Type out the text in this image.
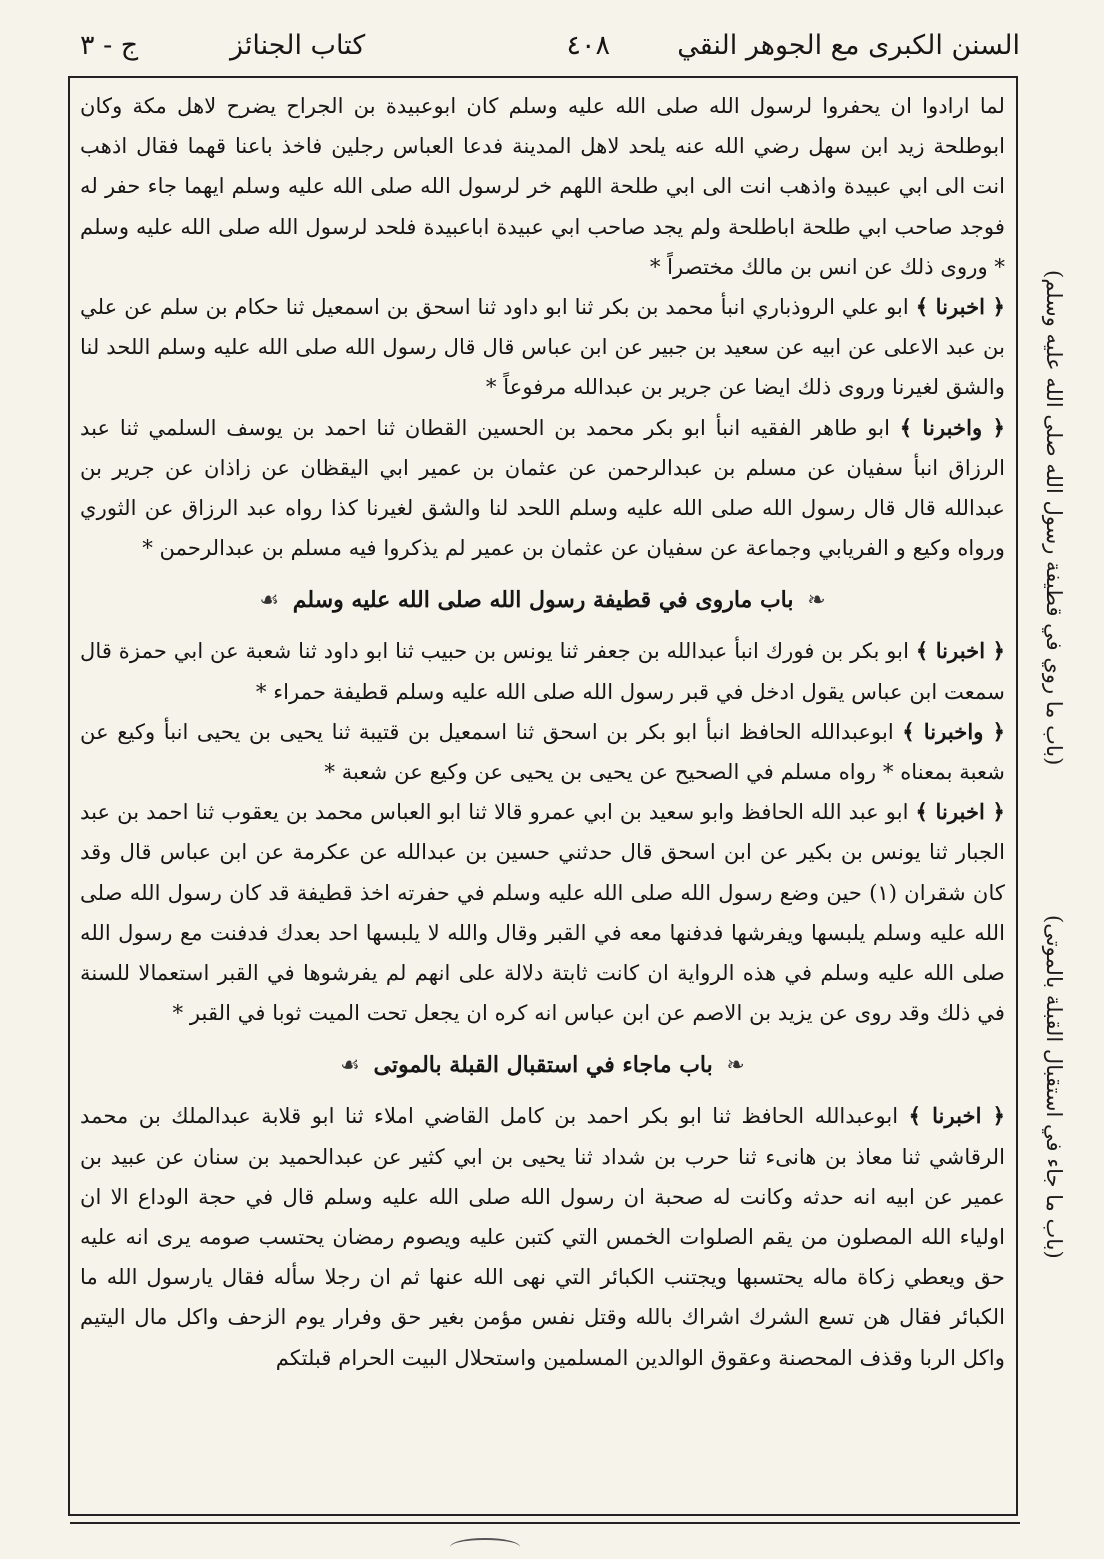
السنن الكبرى مع الجوهر النقي
٤٠٨
كتاب الجنائز
ج - ٣

لما ارادوا ان يحفروا لرسول الله صلى الله عليه وسلم كان ابوعبيدة بن الجراح يضرح لاهل مكة وكان ابوطلحة زيد ابن سهل رضي الله عنه يلحد لاهل المدينة فدعا العباس رجلين فاخذ باعنا قهما فقال اذهب انت الى ابي عبيدة واذهب انت الى ابي طلحة اللهم خر لرسول الله صلى الله عليه وسلم ايهما جاء حفر له فوجد صاحب ابي طلحة اباطلحة ولم يجد صاحب ابي عبيدة اباعبيدة فلحد لرسول الله صلى الله عليه وسلم * وروى ذلك عن انس بن مالك مختصراً *

﴿ اخبرنا ﴾ ابو علي الروذباري انبأ محمد بن بكر ثنا ابو داود ثنا اسحق بن اسمعيل ثنا حكام بن سلم عن علي بن عبد الاعلى عن ابيه عن سعيد بن جبير عن ابن عباس قال قال رسول الله صلى الله عليه وسلم اللحد لنا والشق لغيرنا وروى ذلك ايضا عن جرير بن عبدالله مرفوعاً *

﴿ واخبرنا ﴾ ابو طاهر الفقيه انبأ ابو بكر محمد بن الحسين القطان ثنا احمد بن يوسف السلمي ثنا عبد الرزاق انبأ سفيان عن مسلم بن عبدالرحمن عن عثمان بن عمير ابي اليقظان عن زاذان عن جرير بن عبدالله قال قال رسول الله صلى الله عليه وسلم اللحد لنا والشق لغيرنا كذا رواه عبد الرزاق عن الثوري ورواه وكيع و الفريابي وجماعة عن سفيان عن عثمان بن عمير لم يذكروا فيه مسلم بن عبدالرحمن *

❧ باب ماروى في قطيفة رسول الله صلى الله عليه وسلم ☙

﴿ اخبرنا ﴾ ابو بكر بن فورك انبأ عبدالله بن جعفر ثنا يونس بن حبيب ثنا ابو داود ثنا شعبة عن ابي حمزة قال سمعت ابن عباس يقول ادخل في قبر رسول الله صلى الله عليه وسلم قطيفة حمراء *

﴿ واخبرنا ﴾ ابوعبدالله الحافظ انبأ ابو بكر بن اسحق ثنا اسمعيل بن قتيبة ثنا يحيى بن يحيى انبأ وكيع عن شعبة بمعناه * رواه مسلم في الصحيح عن يحيى بن يحيى عن وكيع عن شعبة *

﴿ اخبرنا ﴾ ابو عبد الله الحافظ وابو سعيد بن ابي عمرو قالا ثنا ابو العباس محمد بن يعقوب ثنا احمد بن عبد الجبار ثنا يونس بن بكير عن ابن اسحق قال حدثني حسين بن عبدالله عن عكرمة عن ابن عباس قال وقد كان شقران (١) حين وضع رسول الله صلى الله عليه وسلم في حفرته اخذ قطيفة قد كان رسول الله صلى الله عليه وسلم يلبسها ويفرشها فدفنها معه في القبر وقال والله لا يلبسها احد بعدك فدفنت مع رسول الله صلى الله عليه وسلم في هذه الرواية ان كانت ثابتة دلالة على انهم لم يفرشوها في القبر استعمالا للسنة في ذلك وقد روى عن يزيد بن الاصم عن ابن عباس انه كره ان يجعل تحت الميت ثوبا في القبر *

❧ باب ماجاء في استقبال القبلة بالموتى ☙

﴿ اخبرنا ﴾ ابوعبدالله الحافظ ثنا ابو بكر احمد بن كامل القاضي املاء ثنا ابو قلابة عبدالملك بن محمد الرقاشي ثنا معاذ بن هانىء ثنا حرب بن شداد ثنا يحيى بن ابي كثير عن عبدالحميد بن سنان عن عبيد بن عمير عن ابيه انه حدثه وكانت له صحبة ان رسول الله صلى الله عليه وسلم قال في حجة الوداع الا ان اولياء الله المصلون من يقم الصلوات الخمس التي كتبن عليه ويصوم رمضان يحتسب صومه يرى انه عليه حق ويعطي زكاة ماله يحتسبها ويجتنب الكبائر التي نهى الله عنها ثم ان رجلا سأله فقال يارسول الله ما الكبائر فقال هن تسع الشرك اشراك بالله وقتل نفس مؤمن بغير حق وفرار يوم الزحف واكل مال اليتيم واكل الربا وقذف المحصنة وعقوق الوالدين المسلمين واستحلال البيت الحرام قبلتكم

(باب ما روي في قطيفة رسول الله صلى الله عليه وسلم)
(باب ما جاء في استقبال القبلة بالموتى)
